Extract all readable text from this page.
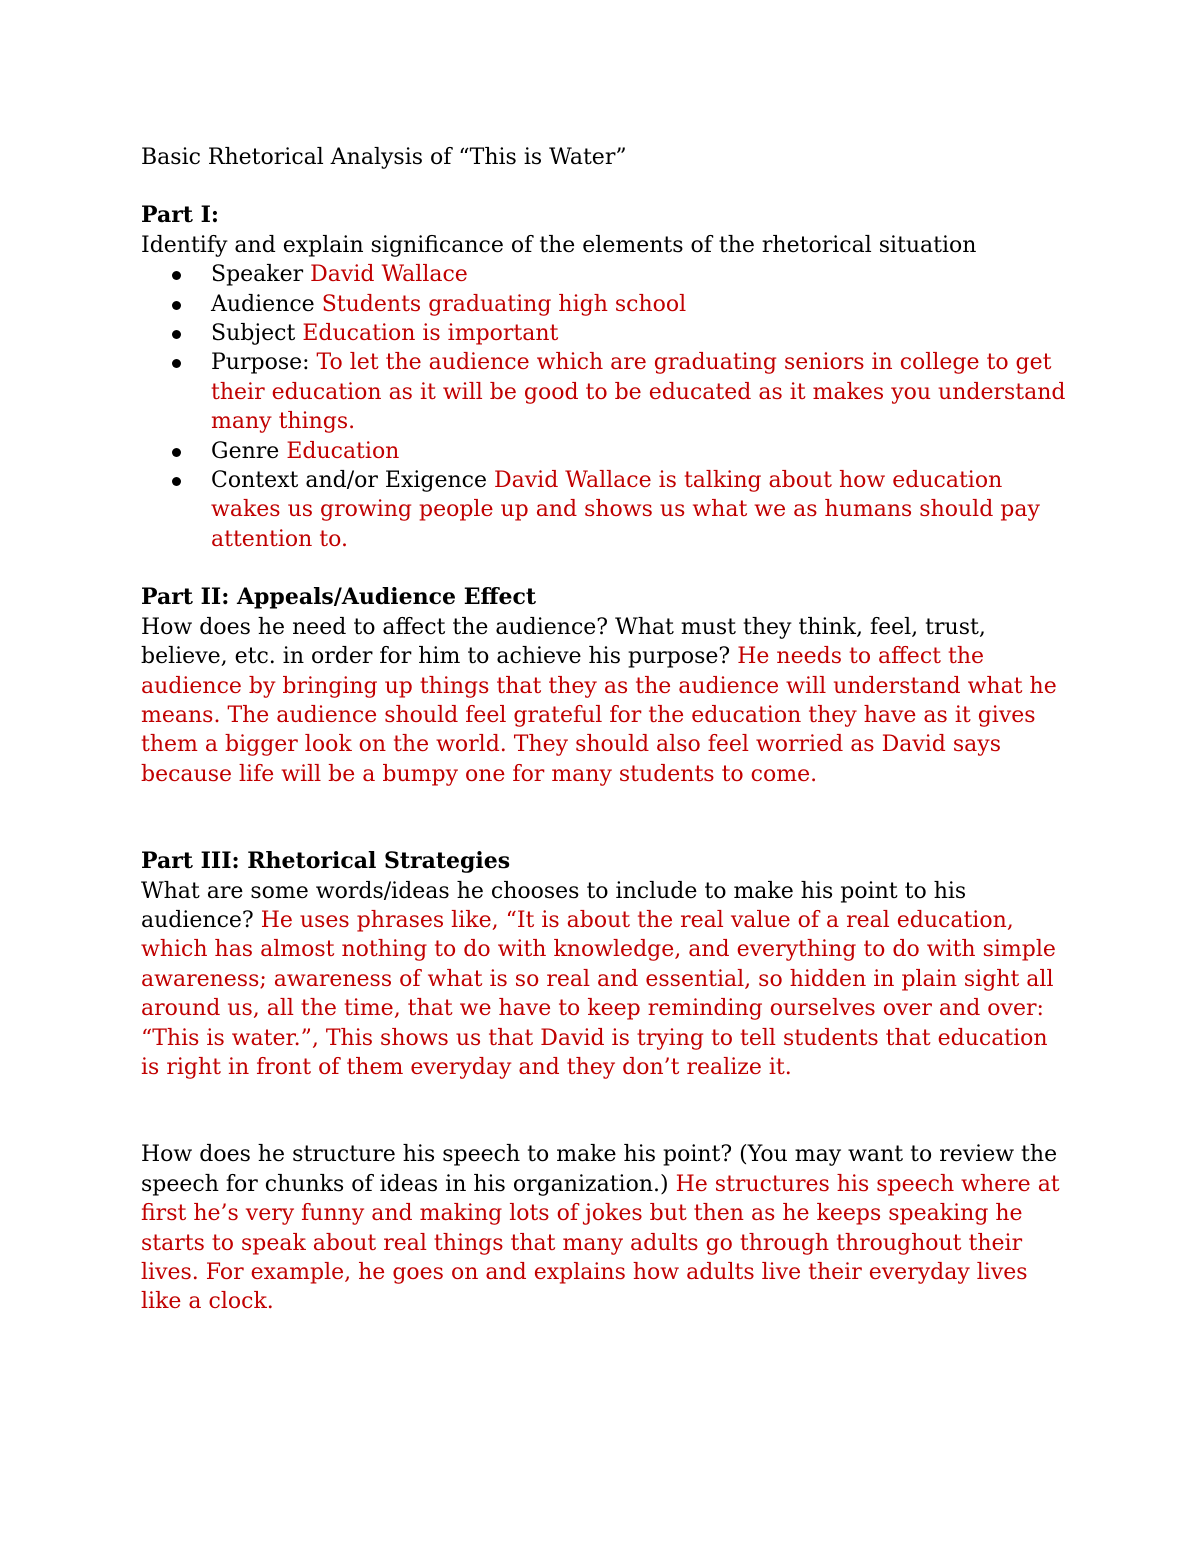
Basic Rhetorical Analysis of “This is Water”

Part I:

Identify and explain significance of the elements of the rhetorical situation

Speaker David Wallace
Audience Students graduating high school
Subject Education is important
Purpose: To let the audience which are graduating seniors in college to get their education as it will be good to be educated as it makes you understand many things.
Genre Education
Context and/or Exigence David Wallace is talking about how education wakes us growing people up and shows us what we as humans should pay attention to.

Part II: Appeals/Audience Effect

How does he need to affect the audience? What must they think, feel, trust, believe, etc. in order for him to achieve his purpose? He needs to affect the audience by bringing up things that they as the audience will understand what he means. The audience should feel grateful for the education they have as it gives them a bigger look on the world. They should also feel worried as David says because life will be a bumpy one for many students to come.

Part III: Rhetorical Strategies

What are some words/ideas he chooses to include to make his point to his audience? He uses phrases like, “It is about the real value of a real education, which has almost nothing to do with knowledge, and everything to do with simple awareness; awareness of what is so real and essential, so hidden in plain sight all around us, all the time, that we have to keep reminding ourselves over and over: “This is water.”, This shows us that David is trying to tell students that education is right in front of them everyday and they don’t realize it.

How does he structure his speech to make his point? (You may want to review the speech for chunks of ideas in his organization.) He structures his speech where at first he’s very funny and making lots of jokes but then as he keeps speaking he starts to speak about real things that many adults go through throughout their lives. For example, he goes on and explains how adults live their everyday lives like a clock.
